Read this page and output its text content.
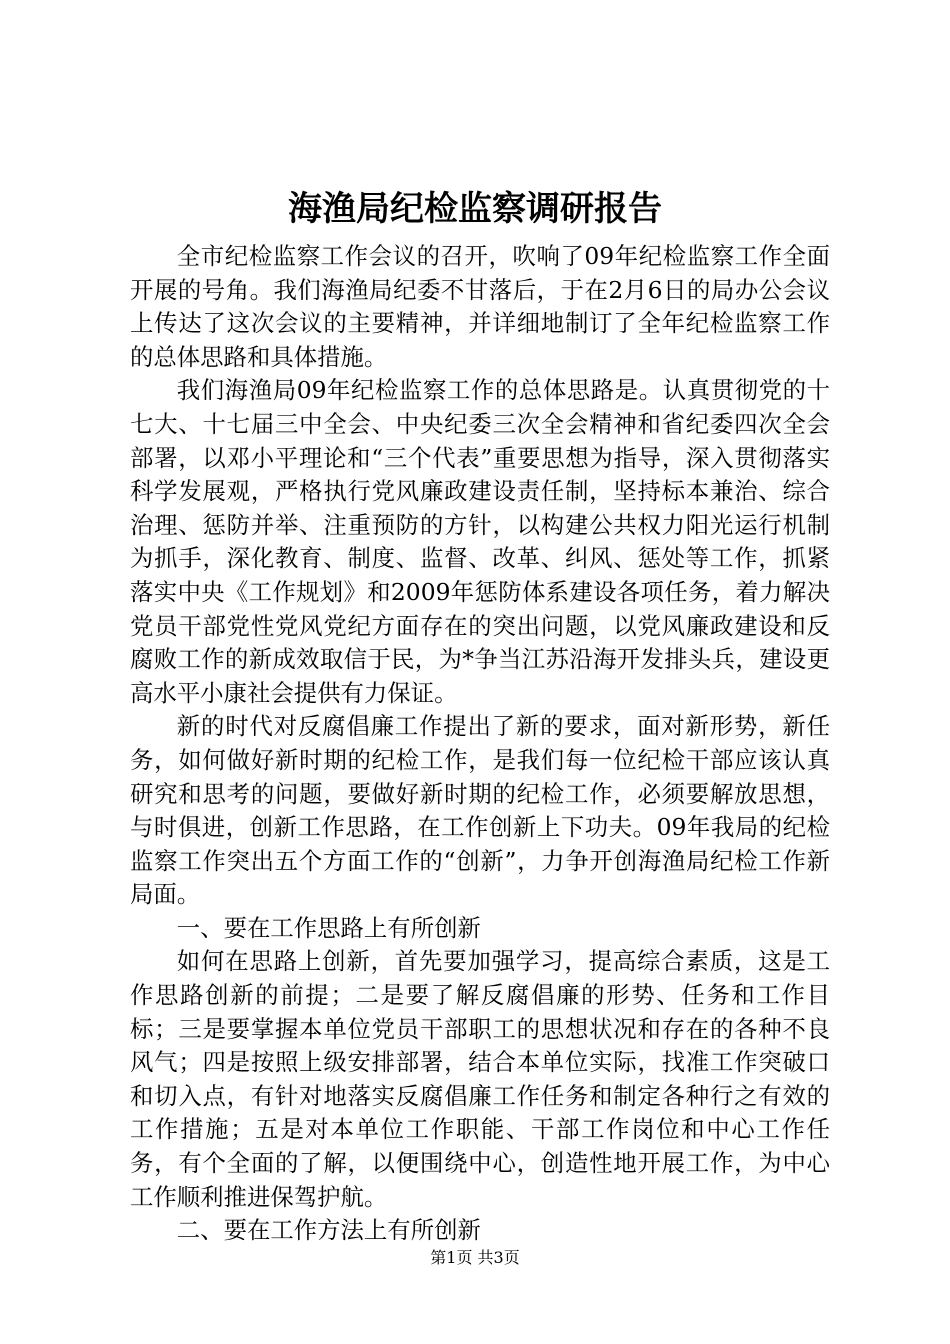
海渔局纪检监察调研报告

全市纪检监察工作会议的召开，吹响了09年纪检监察工作全面开展的号角。我们海渔局纪委不甘落后，于在2月6日的局办公会议上传达了这次会议的主要精神，并详细地制订了全年纪检监察工作的总体思路和具体措施。

我们海渔局09年纪检监察工作的总体思路是。认真贯彻党的十七大、十七届三中全会、中央纪委三次全会精神和省纪委四次全会部署，以邓小平理论和“三个代表”重要思想为指导，深入贯彻落实科学发展观，严格执行党风廉政建设责任制，坚持标本兼治、综合治理、惩防并举、注重预防的方针，以构建公共权力阳光运行机制为抓手，深化教育、制度、监督、改革、纠风、惩处等工作，抓紧落实中央《工作规划》和2009年惩防体系建设各项任务，着力解决党员干部党性党风党纪方面存在的突出问题，以党风廉政建设和反腐败工作的新成效取信于民，为*争当江苏沿海开发排头兵，建设更高水平小康社会提供有力保证。

新的时代对反腐倡廉工作提出了新的要求，面对新形势，新任务，如何做好新时期的纪检工作，是我们每一位纪检干部应该认真研究和思考的问题，要做好新时期的纪检工作，必须要解放思想，与时俱进，创新工作思路，在工作创新上下功夫。09年我局的纪检监察工作突出五个方面工作的“创新”，力争开创海渔局纪检工作新局面。

一、要在工作思路上有所创新

如何在思路上创新，首先要加强学习，提高综合素质，这是工作思路创新的前提；二是要了解反腐倡廉的形势、任务和工作目标；三是要掌握本单位党员干部职工的思想状况和存在的各种不良风气；四是按照上级安排部署，结合本单位实际，找准工作突破口和切入点，有针对地落实反腐倡廉工作任务和制定各种行之有效的工作措施；五是对本单位工作职能、干部工作岗位和中心工作任务，有个全面的了解，以便围绕中心，创造性地开展工作，为中心工作顺利推进保驾护航。

二、要在工作方法上有所创新

第1页 共3页
